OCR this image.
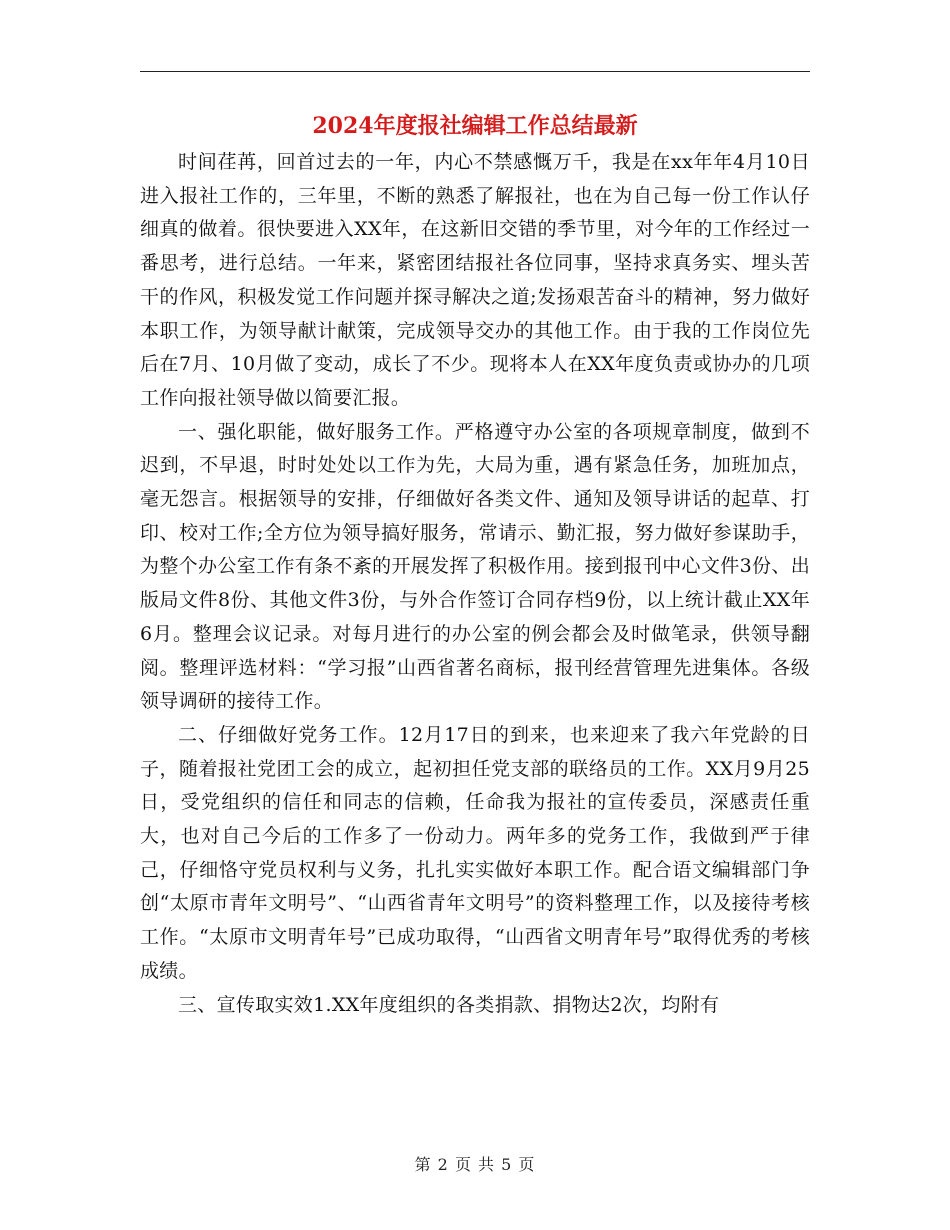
2024年度报社编辑工作总结最新

时间荏苒，回首过去的一年，内心不禁感慨万千，我是在xx年年4月10日进入报社工作的，三年里，不断的熟悉了解报社，也在为自己每一份工作认仔细真的做着。很快要进入XX年，在这新旧交错的季节里，对今年的工作经过一番思考，进行总结。一年来，紧密团结报社各位同事，坚持求真务实、埋头苦干的作风，积极发觉工作问题并探寻解决之道;发扬艰苦奋斗的精神，努力做好本职工作，为领导献计献策，完成领导交办的其他工作。由于我的工作岗位先后在7月、10月做了变动，成长了不少。现将本人在XX年度负责或协办的几项工作向报社领导做以简要汇报。

一、强化职能，做好服务工作。严格遵守办公室的各项规章制度，做到不迟到，不早退，时时处处以工作为先，大局为重，遇有紧急任务，加班加点，毫无怨言。根据领导的安排，仔细做好各类文件、通知及领导讲话的起草、打印、校对工作;全方位为领导搞好服务，常请示、勤汇报，努力做好参谋助手，为整个办公室工作有条不紊的开展发挥了积极作用。接到报刊中心文件3份、出版局文件8份、其他文件3份，与外合作签订合同存档9份，以上统计截止XX年6月。整理会议记录。对每月进行的办公室的例会都会及时做笔录，供领导翻阅。整理评选材料：“学习报”山西省著名商标，报刊经营管理先进集体。各级领导调研的接待工作。

二、仔细做好党务工作。12月17日的到来，也来迎来了我六年党龄的日子，随着报社党团工会的成立，起初担任党支部的联络员的工作。XX月9月25日，受党组织的信任和同志的信赖，任命我为报社的宣传委员，深感责任重大，也对自己今后的工作多了一份动力。两年多的党务工作，我做到严于律己，仔细恪守党员权利与义务，扎扎实实做好本职工作。配合语文编辑部门争创“太原市青年文明号”、“山西省青年文明号”的资料整理工作，以及接待考核工作。“太原市文明青年号”已成功取得，“山西省文明青年号”取得优秀的考核成绩。

三、宣传取实效1.XX年度组织的各类捐款、捐物达2次，均附有

第 2 页 共 5 页
